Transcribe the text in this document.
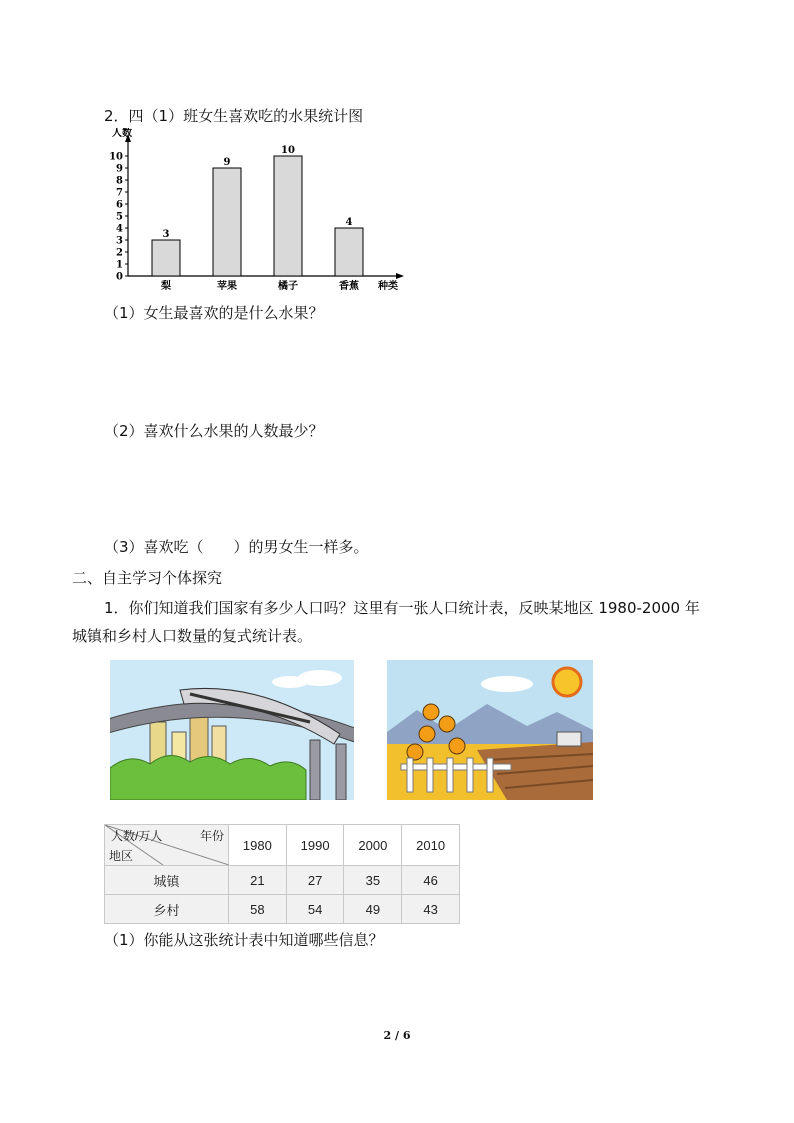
2．四（1）班女生喜欢吃的水果统计图
人数
0
1
2
3
4
5
6
7
8
9
10
3
梨
9
苹果
10
橘子
4
香蕉 种类
（1）女生最喜欢的是什么水果？
（2）喜欢什么水果的人数最少？
（3）喜欢吃（　　）的男女生一样多。
二、自主学习个体探究
1．你们知道我们国家有多少人口吗？这里有一张人口统计表，反映某地区 1980-2000 年
城镇和乡村人口数量的复式统计表。
年份
人数/万人
地区	1980	1990	2000	2010
城镇	21	27	35	46
乡村	58	54	49	43
（1）你能从这张统计表中知道哪些信息？
2 / 6
